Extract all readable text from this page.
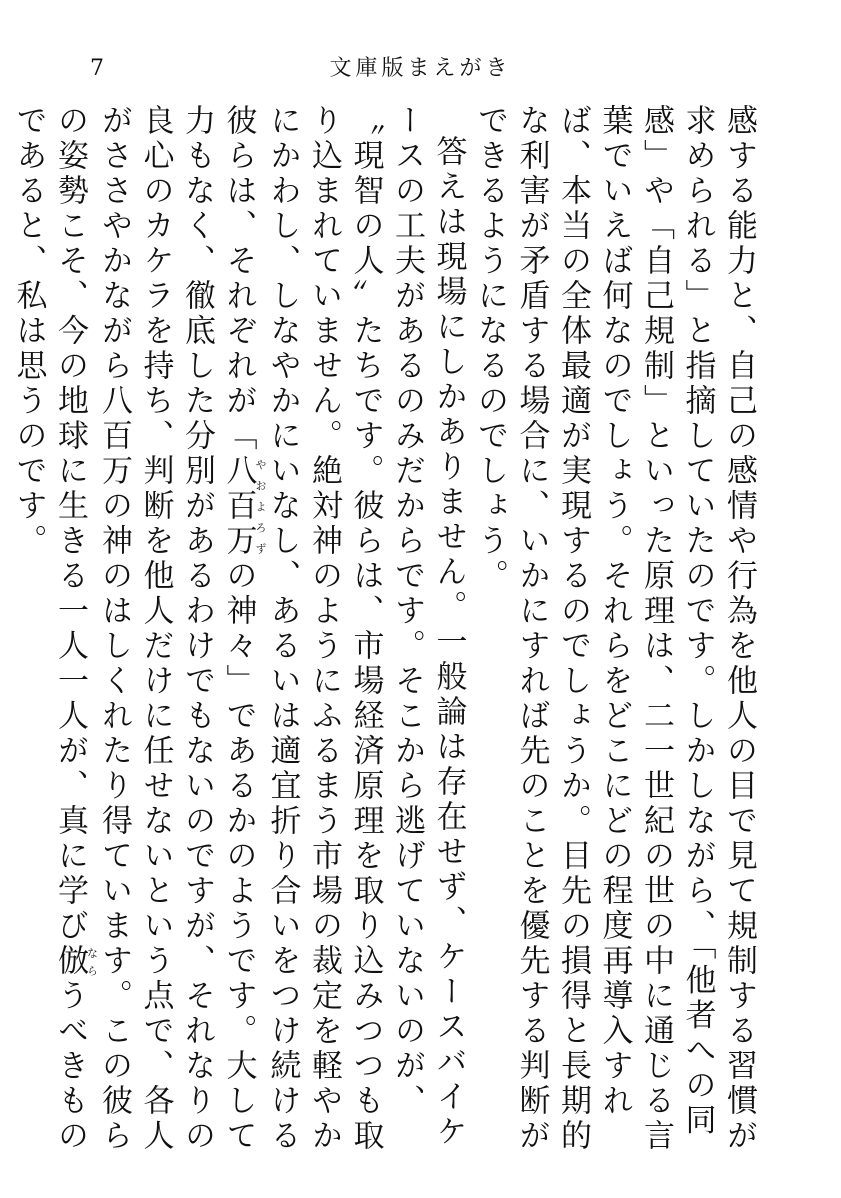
7	文庫版まえがき

感する能力と、自己の感情や行為を他人の目で見て規制する習慣が求められる」と指摘していたのです。しかしながら、「他者への同感」や「自己規制」といった原理は、二一世紀の世の中に通じる言葉でいえば何なのでしょう。それらをどこにどの程度再導入すれば、本当の全体最適が実現するのでしょうか。目先の損得と長期的な利害が矛盾する場合に、いかにすれば先のことを優先する判断ができるようになるのでしょう。

答えは現場にしかありません。一般論は存在せず、ケースバイケースの工夫があるのみだからです。そこから逃げていないのが、〝現智の人〟たちです。彼らは、市場経済原理を取り込みつつも取り込まれていません。絶対神のようにふるまう市場の裁定を軽やかにかわし、しなやかにいなし、あるいは適宜折り合いをつけ続ける彼らは、それぞれが「八百万やおよろずの神々」であるかのようです。大して力もなく、徹底した分別があるわけでもないのですが、それなりの良心のカケラを持ち、判断を他人だけに任せないという点で、各人がささやかながら八百万の神のはしくれたり得ています。この彼らの姿勢こそ、今の地球に生きる一人一人が、真に学び倣ならうべきものであると、私は思うのです。
